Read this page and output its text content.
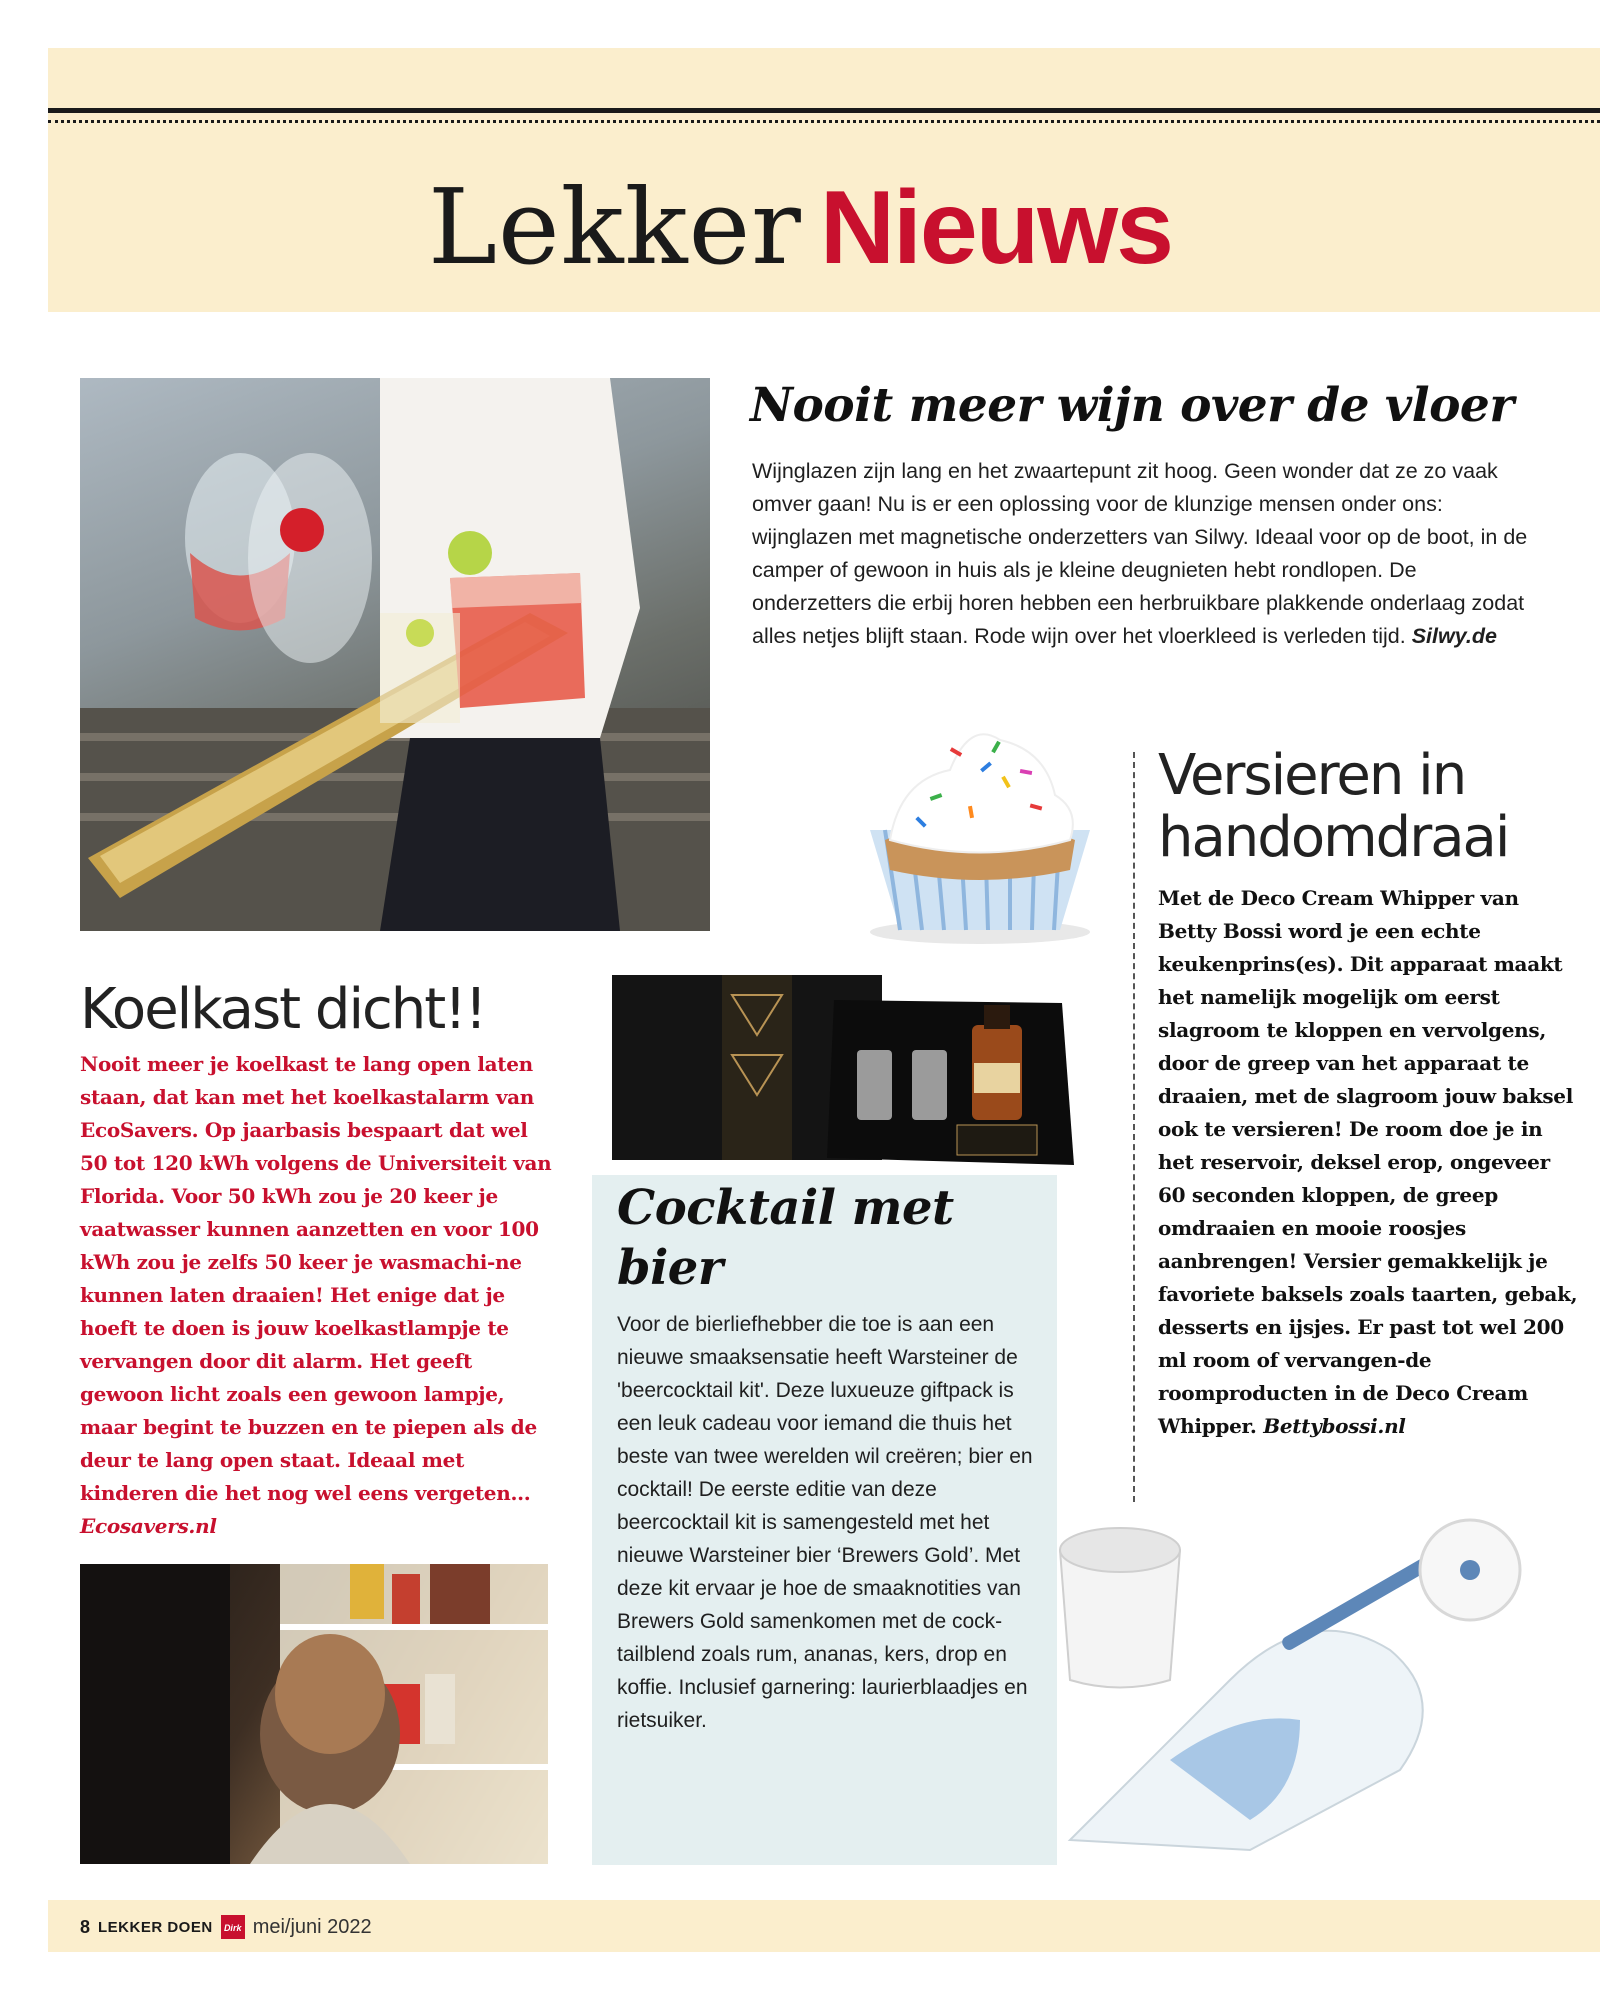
Lekker Nieuws
Nooit meer wijn over de vloer
Wijnglazen zijn lang en het zwaartepunt zit hoog. Geen wonder dat ze zo vaak omver gaan! Nu is er een oplossing voor de klunzige mensen onder ons: wijnglazen met magnetische onderzetters van Silwy. Ideaal voor op de boot, in de camper of gewoon in huis als je kleine deugnieten hebt rondlopen. De onderzetters die erbij horen hebben een herbruikbare plakkende onderlaag zodat alles netjes blijft staan. Rode wijn over het vloerkleed is verleden tijd. Silwy.de
Versieren in handomdraai
Met de Deco Cream Whipper van Betty Bossi word je een echte keukenprins(es). Dit apparaat maakt het namelijk mogelijk om eerst slagroom te kloppen en vervolgens, door de greep van het apparaat te draaien, met de slagroom jouw baksel ook te versieren! De room doe je in het reservoir, deksel erop, ongeveer 60 seconden kloppen, de greep omdraaien en mooie roosjes aanbrengen! Versier gemakkelijk je favoriete baksels zoals taarten, gebak, desserts en ijsjes. Er past tot wel 200 ml room of vervangen-de roomproducten in de Deco Cream Whipper. Bettybossi.nl
Koelkast dicht!!
Nooit meer je koelkast te lang open laten staan, dat kan met het koelkastalarm van EcoSavers. Op jaarbasis bespaart dat wel 50 tot 120 kWh volgens de Universiteit van Florida. Voor 50 kWh zou je 20 keer je vaatwasser kunnen aanzetten en voor 100 kWh zou je zelfs 50 keer je wasmachi-ne kunnen laten draaien! Het enige dat je hoeft te doen is jouw koelkastlampje te vervangen door dit alarm. Het geeft gewoon licht zoals een gewoon lampje, maar begint te buzzen en te piepen als de deur te lang open staat. Ideaal met kinderen die het nog wel eens vergeten... Ecosavers.nl
Cocktail met bier
Voor de bierliefhebber die toe is aan een nieuwe smaaksensatie heeft Warsteiner de 'beercocktail kit'. Deze luxueuze giftpack is een leuk cadeau voor iemand die thuis het beste van twee werelden wil creëren; bier en cocktail! De eerste editie van deze beercocktail kit is samengesteld met het nieuwe Warsteiner bier ‘Brewers Gold’. Met deze kit ervaar je hoe de smaaknotities van Brewers Gold samenkomen met de cock-tailblend zoals rum, ananas, kers, drop en koffie. Inclusief garnering: laurierblaadjes en rietsuiker.
8 LEKKER DOEN	Dirk mei/juni 2022
